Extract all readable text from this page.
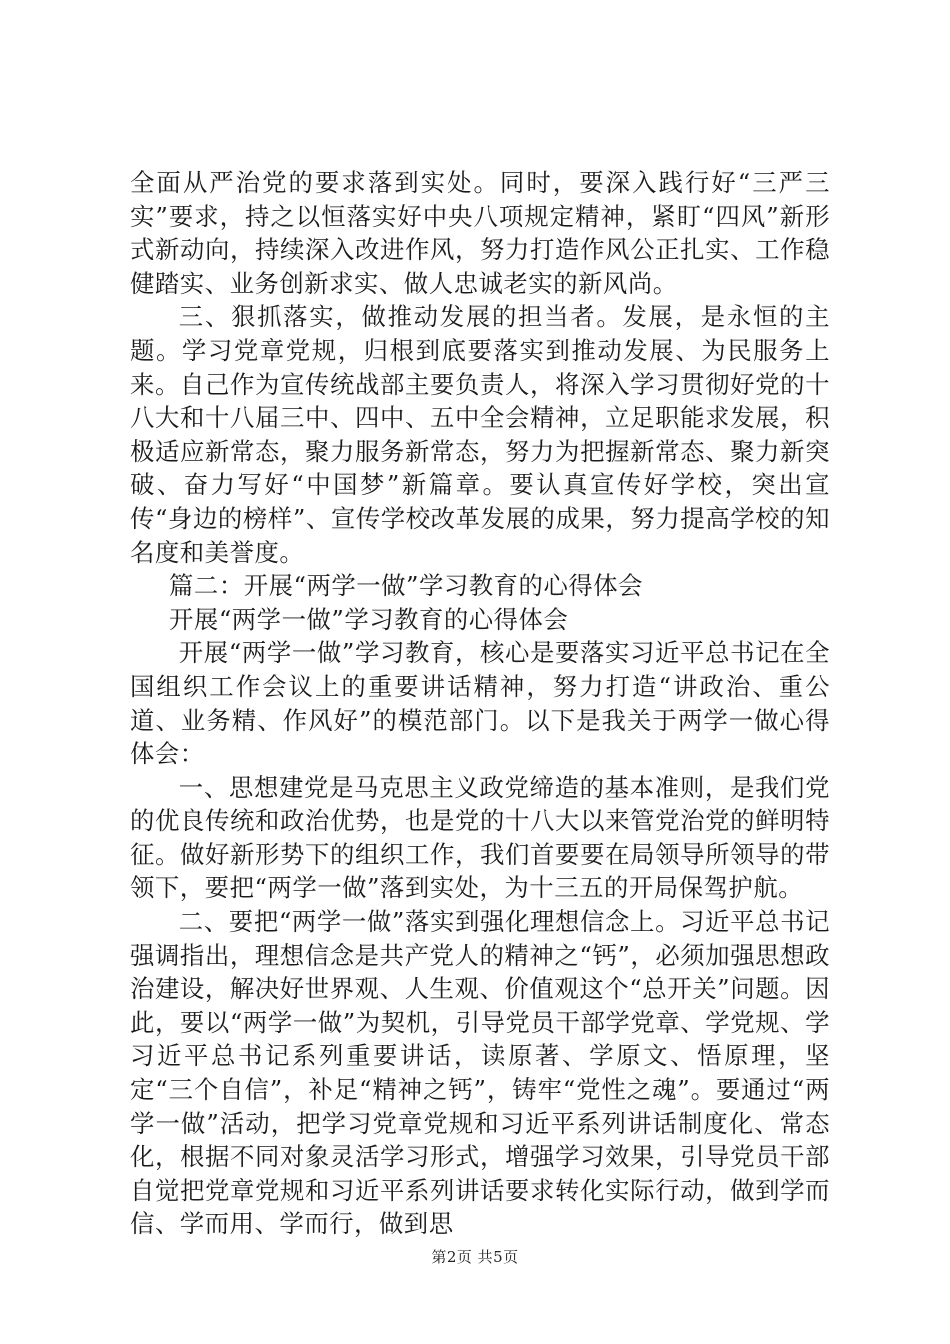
全面从严治党的要求落到实处。同时，要深入践行好“三严三实”要求，持之以恒落实好中央八项规定精神，紧盯“四风”新形式新动向，持续深入改进作风，努力打造作风公正扎实、工作稳健踏实、业务创新求实、做人忠诚老实的新风尚。

三、狠抓落实，做推动发展的担当者。发展，是永恒的主题。学习党章党规，归根到底要落实到推动发展、为民服务上来。自己作为宣传统战部主要负责人，将深入学习贯彻好党的十八大和十八届三中、四中、五中全会精神，立足职能求发展，积极适应新常态，聚力服务新常态，努力为把握新常态、聚力新突破、奋力写好“中国梦”新篇章。要认真宣传好学校，突出宣传“身边的榜样”、宣传学校改革发展的成果，努力提高学校的知名度和美誉度。

篇二：开展“两学一做”学习教育的心得体会

开展“两学一做”学习教育的心得体会

开展“两学一做”学习教育，核心是要落实习近平总书记在全国组织工作会议上的重要讲话精神，努力打造“讲政治、重公道、业务精、作风好”的模范部门。以下是我关于两学一做心得体会：

一、思想建党是马克思主义政党缔造的基本准则，是我们党的优良传统和政治优势，也是党的十八大以来管党治党的鲜明特征。做好新形势下的组织工作，我们首要要在局领导所领导的带领下，要把“两学一做”落到实处，为十三五的开局保驾护航。

二、要把“两学一做”落实到强化理想信念上。习近平总书记强调指出，理想信念是共产党人的精神之“钙”，必须加强思想政治建设，解决好世界观、人生观、价值观这个“总开关”问题。因此，要以“两学一做”为契机，引导党员干部学党章、学党规、学习近平总书记系列重要讲话，读原著、学原文、悟原理，坚定“三个自信”，补足“精神之钙”，铸牢“党性之魂”。要通过“两学一做”活动，把学习党章党规和习近平系列讲话制度化、常态化，根据不同对象灵活学习形式，增强学习效果，引导党员干部自觉把党章党规和习近平系列讲话要求转化实际行动，做到学而信、学而用、学而行，做到思

第2页 共5页
